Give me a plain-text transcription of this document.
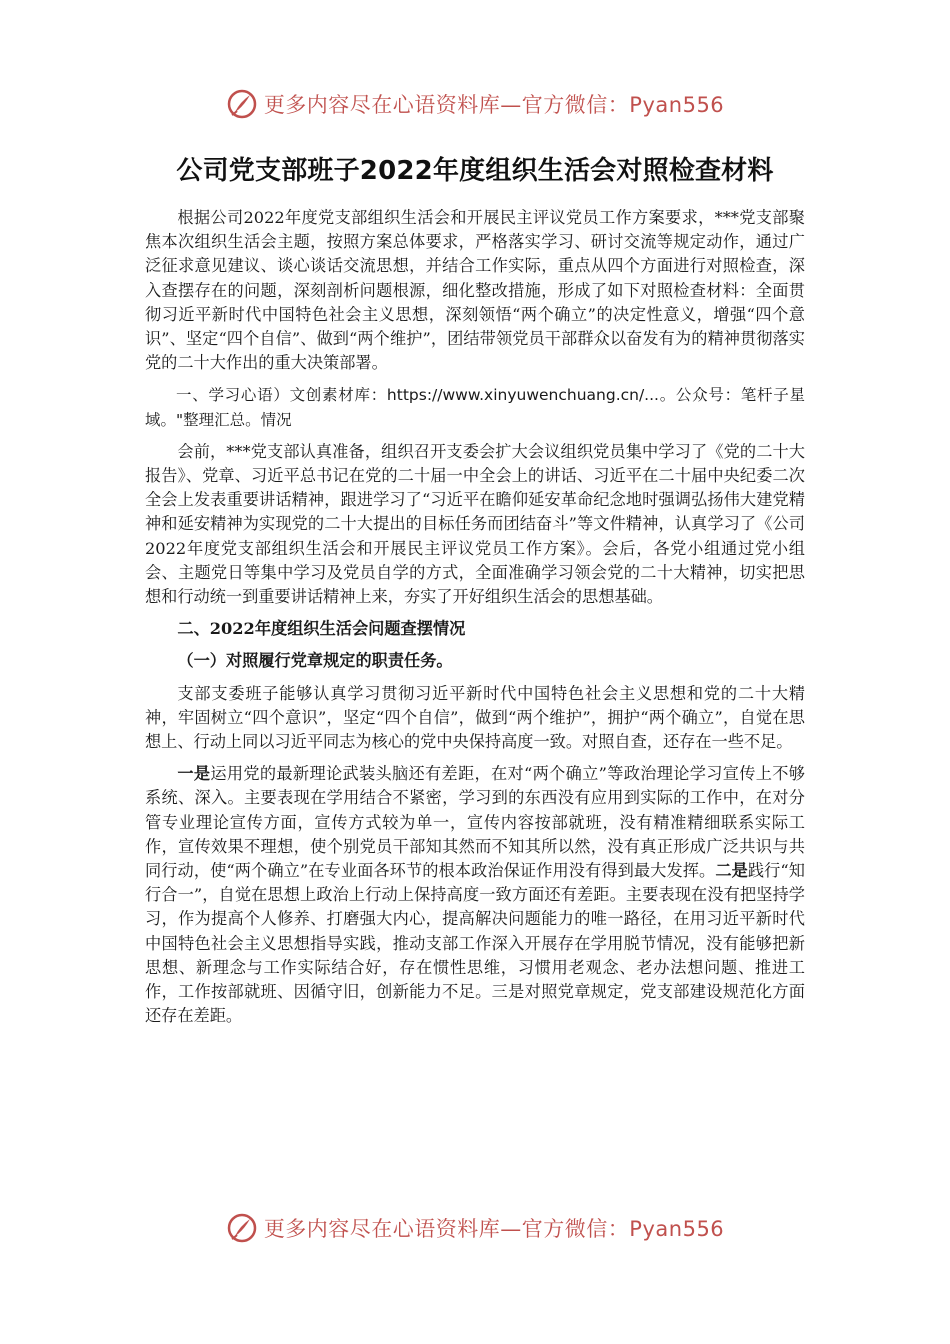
更多内容尽在心语资料库—官方微信：Pyan556
公司党支部班子2022年度组织生活会对照检查材料

根据公司2022年度党支部组织生活会和开展民主评议党员工作方案要求，***党支部聚焦本次组织生活会主题，按照方案总体要求，严格落实学习、研讨交流等规定动作，通过广泛征求意见建议、谈心谈话交流思想，并结合工作实际，重点从四个方面进行对照检查，深入查摆存在的问题，深刻剖析问题根源，细化整改措施，形成了如下对照检查材料：全面贯彻习近平新时代中国特色社会主义思想，深刻领悟“两个确立”的决定性意义，增强“四个意识”、坚定“四个自信”、做到“两个维护”，团结带领党员干部群众以奋发有为的精神贯彻落实党的二十大作出的重大决策部署。

一、学习心语）文创素材库：https://www.xinyuwenchuang.cn/...。公众号：笔杆子星域。"整理汇总。情况

会前，***党支部认真准备，组织召开支委会扩大会议组织党员集中学习了《党的二十大报告》、党章、习近平总书记在党的二十届一中全会上的讲话、习近平在二十届中央纪委二次全会上发表重要讲话精神，跟进学习了“习近平在瞻仰延安革命纪念地时强调弘扬伟大建党精神和延安精神为实现党的二十大提出的目标任务而团结奋斗”等文件精神，认真学习了《公司2022年度党支部组织生活会和开展民主评议党员工作方案》。会后，各党小组通过党小组会、主题党日等集中学习及党员自学的方式，全面准确学习领会党的二十大精神，切实把思想和行动统一到重要讲话精神上来，夯实了开好组织生活会的思想基础。

二、2022年度组织生活会问题查摆情况

（一）对照履行党章规定的职责任务。

支部支委班子能够认真学习贯彻习近平新时代中国特色社会主义思想和党的二十大精神，牢固树立“四个意识”，坚定“四个自信”，做到“两个维护”，拥护“两个确立”，自觉在思想上、行动上同以习近平同志为核心的党中央保持高度一致。对照自查，还存在一些不足。

一是运用党的最新理论武装头脑还有差距，在对“两个确立”等政治理论学习宣传上不够系统、深入。主要表现在学用结合不紧密，学习到的东西没有应用到实际的工作中，在对分管专业理论宣传方面，宣传方式较为单一，宣传内容按部就班，没有精准精细联系实际工作，宣传效果不理想，使个别党员干部知其然而不知其所以然，没有真正形成广泛共识与共同行动，使“两个确立”在专业面各环节的根本政治保证作用没有得到最大发挥。二是践行“知行合一”，自觉在思想上政治上行动上保持高度一致方面还有差距。主要表现在没有把坚持学习，作为提高个人修养、打磨强大内心，提高解决问题能力的唯一路径，在用习近平新时代中国特色社会主义思想指导实践，推动支部工作深入开展存在学用脱节情况，没有能够把新思想、新理念与工作实际结合好，存在惯性思维，习惯用老观念、老办法想问题、推进工作，工作按部就班、因循守旧，创新能力不足。三是对照党章规定，党支部建设规范化方面还存在差距。

更多内容尽在心语资料库—官方微信：Pyan556
